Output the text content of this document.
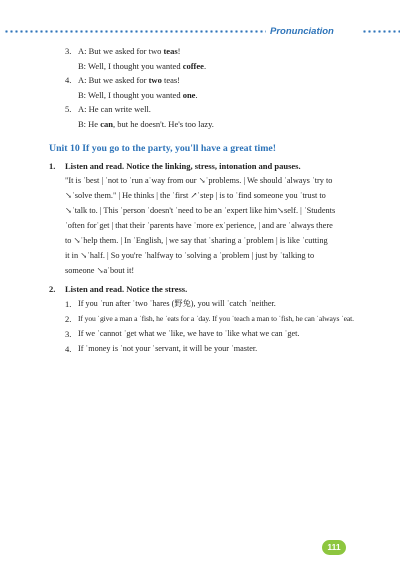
Pronunciation
3. A: But we asked for two teas!
B: Well, I thought you wanted coffee.
4. A: But we asked for two teas!
B: Well, I thought you wanted one.
5. A: He can write well.
B: He can, but he doesn't. He's too lazy.
Unit 10 If you go to the party, you'll have a great time!
1. Listen and read. Notice the linking, stress, intonation and pauses.
"It is ˈbest | ˈnot to ˈrun aˈway from our ↘ˈproblems. | We should ˈalways ˈtry to
↘ˈsolve them." | He thinks | the ˈfirst ↗ˈstep | is to ˈfind someone you ˈtrust to
↘ˈtalk to. | This ˈperson ˈdoesn't ˈneed to be an ˈexpert like him↘self. | ˈStudents
ˈoften forˈget | that their ˈparents have ˈmore exˈperience, | and are ˈalways there
to ↘ˈhelp them. | In ˈEnglish, | we say that ˈsharing a ˈproblem | is like ˈcutting
it in ↘ˈhalf. | So you're ˈhalfway to ˈsolving a ˈproblem | just by ˈtalking to
someone ↘aˈbout it!
2. Listen and read. Notice the stress.
1. If you ˈrun after ˈtwo ˈhares (野兔), you will ˈcatch ˈneither.
2. If you ˈgive a man a ˈfish, he ˈeats for a ˈday. If you ˈteach a man to ˈfish, he can ˈalways ˈeat.
3. If we ˈcannot ˈget what we ˈlike, we have to ˈlike what we can ˈget.
4. If ˈmoney is ˈnot your ˈservant, it will be your ˈmaster.
111
